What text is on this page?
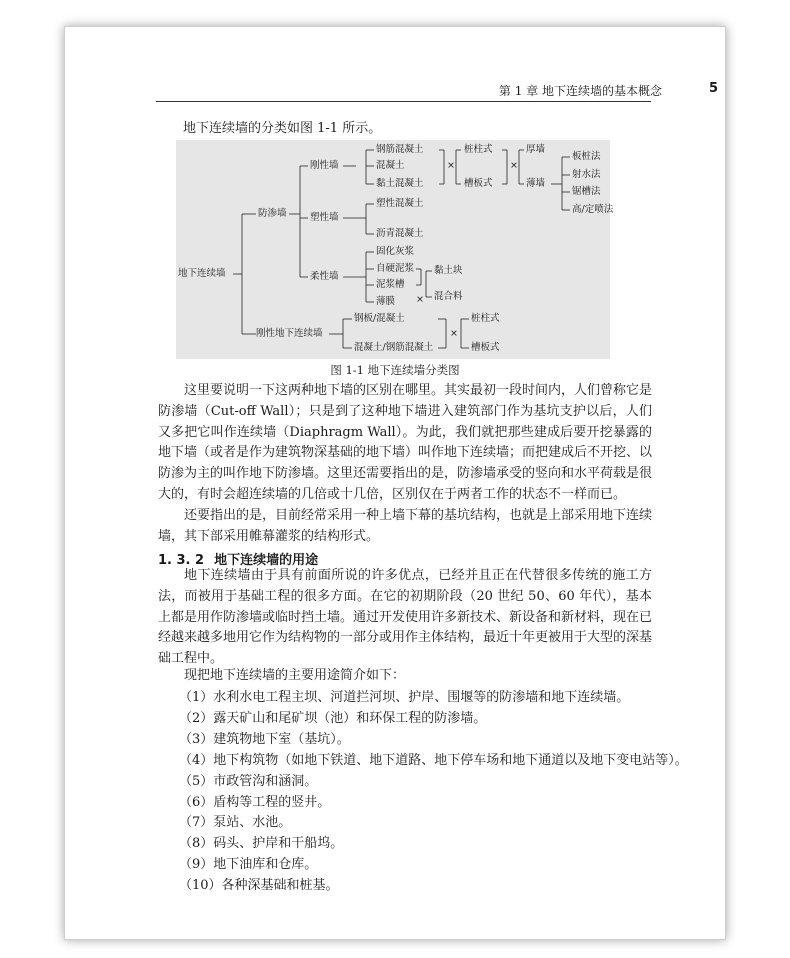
第 1 章 地下连续墙的基本概念	5
地下连续墙的分类如图 1-1 所示。
地下连续墙
防渗墙
刚性墙
钢筋混凝土
混凝土
黏土混凝土
×
桩柱式
槽板式
×
厚墙
薄墙
板桩法
射水法
锯槽法
高/定喷法
塑性墙
塑性混凝土
沥青混凝土
柔性墙
固化灰浆
自硬泥浆
泥浆槽
薄膜 ×
黏土块
混合料
刚性地下连续墙
钢板/混凝土
混凝土/钢筋混凝土
×
桩柱式
槽板式
图 1-1 地下连续墙分类图

这里要说明一下这两种地下墙的区别在哪里。其实最初一段时间内，人们曾称它是防渗墙（Cut-off Wall）；只是到了这种地下墙进入建筑部门作为基坑支护以后，人们又多把它叫作连续墙（Diaphragm Wall）。为此，我们就把那些建成后要开挖暴露的地下墙（或者是作为建筑物深基础的地下墙）叫作地下连续墙；而把建成后不开挖、以防渗为主的叫作地下防渗墙。这里还需要指出的是，防渗墙承受的竖向和水平荷载是很大的，有时会超连续墙的几倍或十几倍，区别仅在于两者工作的状态不一样而已。

还要指出的是，目前经常采用一种上墙下幕的基坑结构，也就是上部采用地下连续墙，其下部采用帷幕灌浆的结构形式。

1. 3. 2 地下连续墙的用途

地下连续墙由于具有前面所说的许多优点，已经并且正在代替很多传统的施工方法，而被用于基础工程的很多方面。在它的初期阶段（20 世纪 50、60 年代），基本上都是用作防渗墙或临时挡土墙。通过开发使用许多新技术、新设备和新材料，现在已经越来越多地用它作为结构物的一部分或用作主体结构，最近十年更被用于大型的深基础工程中。

现把地下连续墙的主要用途简介如下：

（1）水利水电工程主坝、河道拦河坝、护岸、围堰等的防渗墙和地下连续墙。
（2）露天矿山和尾矿坝（池）和环保工程的防渗墙。
（3）建筑物地下室（基坑）。
（4）地下构筑物（如地下铁道、地下道路、地下停车场和地下通道以及地下变电站等）。
（5）市政管沟和涵洞。
（6）盾构等工程的竖井。
（7）泵站、水池。
（8）码头、护岸和干船坞。
（9）地下油库和仓库。
（10）各种深基础和桩基。
